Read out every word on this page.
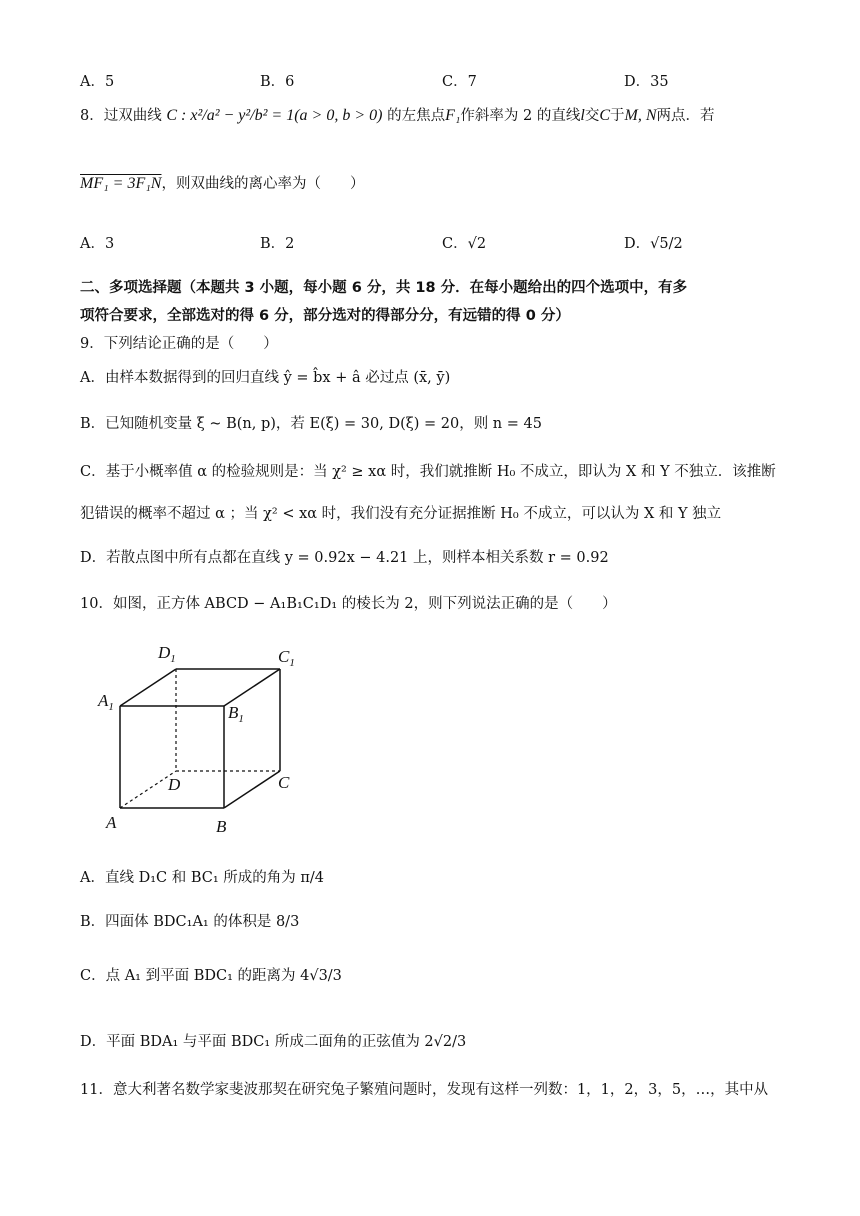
A．5	B．6	C．7	D．35
8．过双曲线 C : x²/a² − y²/b² = 1(a > 0, b > 0) 的左焦点F₁作斜率为 2 的直线l交C于M, N两点．若
MF₁ = 3F₁N，则双曲线的离心率为（　　）
A．3	B．2	C．√2	D．√5/2
二、多项选择题（本题共 3 小题，每小题 6 分，共 18 分．在每小题给出的四个选项中，有多
项符合要求，全部选对的得 6 分，部分选对的得部分分，有远错的得 0 分）
9．下列结论正确的是（　　）
A．由样本数据得到的回归直线 ŷ = b̂x + â 必过点 (x̄, ȳ)
B．已知随机变量 ξ ~ B(n, p)，若 E(ξ) = 30, D(ξ) = 20，则 n = 45
C．基于小概率值 α 的检验规则是：当 χ² ≥ xα 时，我们就推断 H₀ 不成立，即认为 X 和 Y 不独立．该推断
犯错误的概率不超过 α ；当 χ² < xα 时，我们没有充分证据推断 H₀ 不成立，可以认为 X 和 Y 独立
D．若散点图中所有点都在直线 y = 0.92x − 4.21 上，则样本相关系数 r = 0.92
10．如图，正方体 ABCD − A₁B₁C₁D₁ 的棱长为 2，则下列说法正确的是（　　）
$D_1$	$C_1$
$A_1$	$B_1$
D	C
A	B
A．直线 D₁C 和 BC₁ 所成的角为 π/4
B．四面体 BDC₁A₁ 的体积是 8/3
C．点 A₁ 到平面 BDC₁ 的距离为 4√3/3
D．平面 BDA₁ 与平面 BDC₁ 所成二面角的正弦值为 2√2/3
11．意大利著名数学家斐波那契在研究兔子繁殖问题时，发现有这样一列数：1，1，2，3，5，…，其中从
